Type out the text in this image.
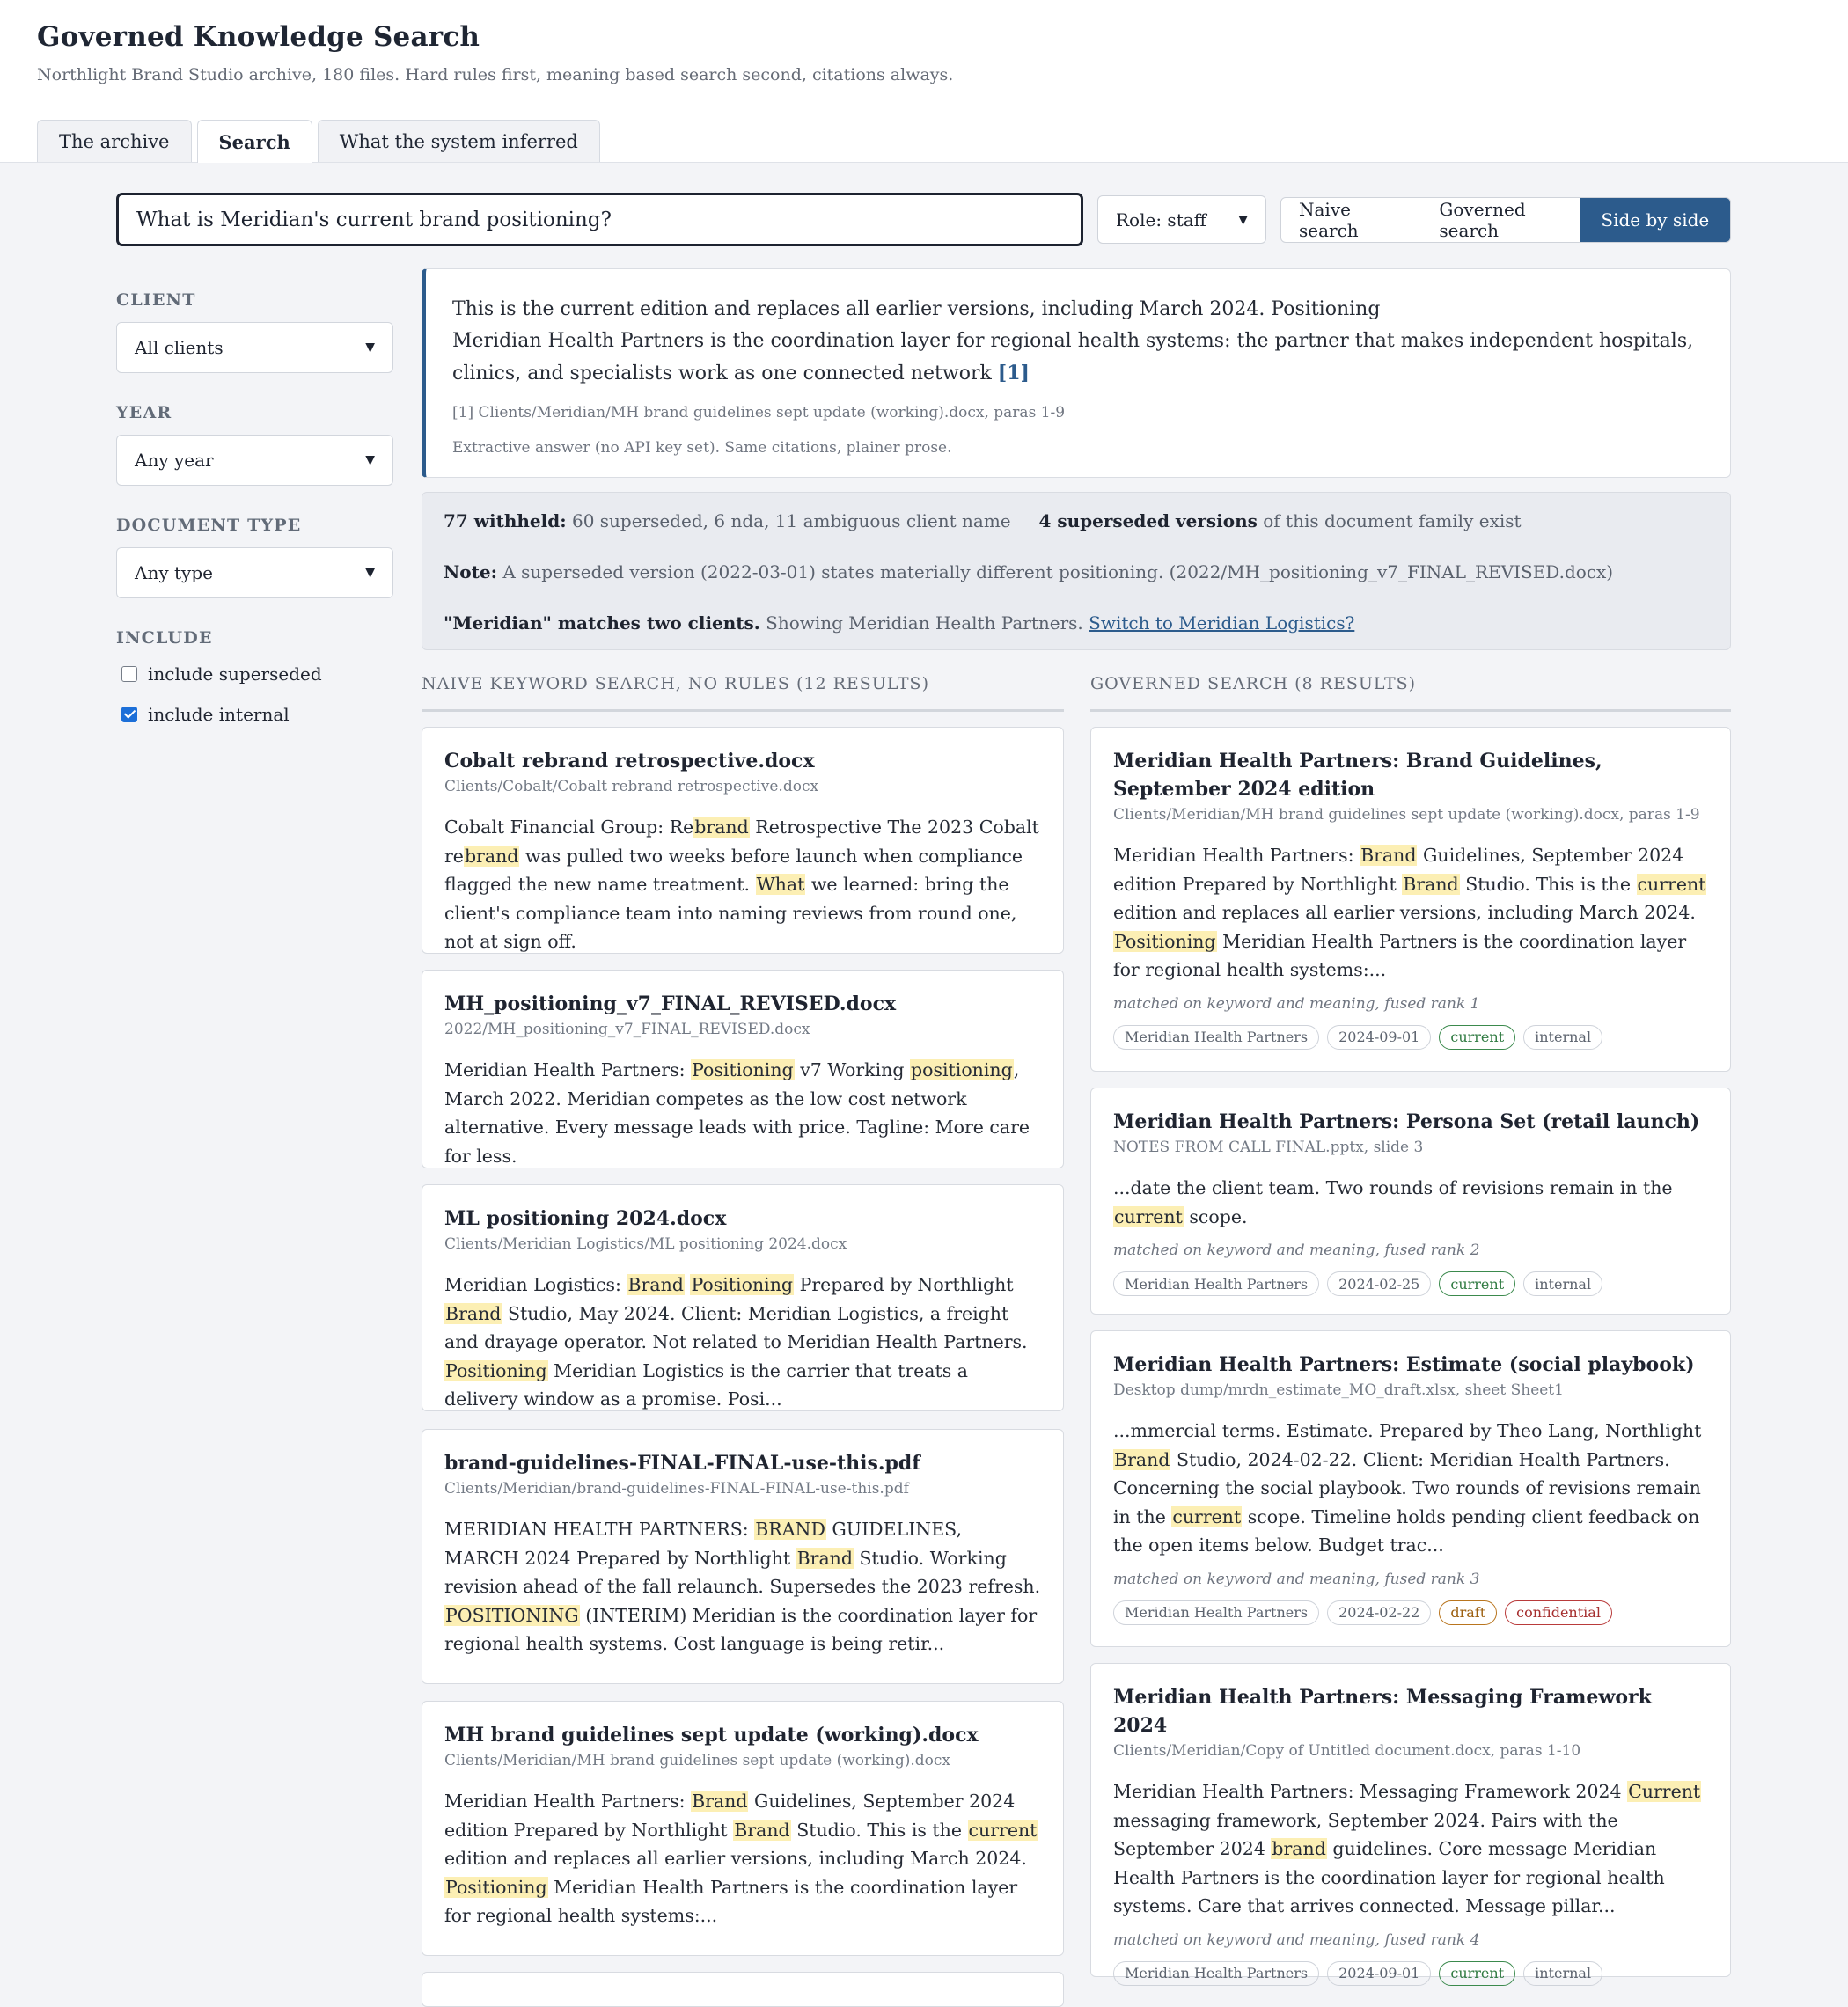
Governed Knowledge Search
Northlight Brand Studio archive, 180 files. Hard rules first, meaning based search second, citations always.
The archive	Search	What the system inferred
What is Meridian's current brand positioning?	Role: staff	▼	Naive search
Governed search	Side by side
CLIENT
All clients	▼
YEAR
Any year	▼
DOCUMENT TYPE
Any type	▼
INCLUDE
include superseded
include internal
This is the current edition and replaces all earlier versions, including March 2024. Positioning
Meridian Health Partners is the coordination layer for regional health systems: the partner that makes independent hospitals, clinics, and specialists work as one connected network [1]
[1] Clients/Meridian/MH brand guidelines sept update (working).docx, paras 1-9
Extractive answer (no API key set). Same citations, plainer prose.
77 withheld: 60 superseded, 6 nda, 11 ambiguous client name 4 superseded versions of this document family exist
Note: A superseded version (2022-03-01) states materially different positioning. (2022/MH_positioning_v7_FINAL_REVISED.docx)
"Meridian" matches two clients. Showing Meridian Health Partners. Switch to Meridian Logistics?
NAIVE KEYWORD SEARCH, NO RULES (12 RESULTS)	GOVERNED SEARCH (8 RESULTS)
Cobalt rebrand retrospective.docx
Clients/Cobalt/Cobalt rebrand retrospective.docx
Cobalt Financial Group: Rebrand Retrospective The 2023 Cobalt rebrand was pulled two weeks before launch when compliance flagged the new name treatment. What we learned: bring the client's compliance team into naming reviews from round one, not at sign off.
MH_positioning_v7_FINAL_REVISED.docx
2022/MH_positioning_v7_FINAL_REVISED.docx
Meridian Health Partners: Positioning v7 Working positioning, March 2022. Meridian competes as the low cost network alternative. Every message leads with price. Tagline: More care for less.
ML positioning 2024.docx
Clients/Meridian Logistics/ML positioning 2024.docx
Meridian Logistics: Brand Positioning Prepared by Northlight Brand Studio, May 2024. Client: Meridian Logistics, a freight and drayage operator. Not related to Meridian Health Partners. Positioning Meridian Logistics is the carrier that treats a delivery window as a promise. Posi...
brand-guidelines-FINAL-FINAL-use-this.pdf
Clients/Meridian/brand-guidelines-FINAL-FINAL-use-this.pdf
MERIDIAN HEALTH PARTNERS: BRAND GUIDELINES, MARCH 2024 Prepared by Northlight Brand Studio. Working revision ahead of the fall relaunch. Supersedes the 2023 refresh. POSITIONING (INTERIM) Meridian is the coordination layer for regional health systems. Cost language is being retir...
MH brand guidelines sept update (working).docx
Clients/Meridian/MH brand guidelines sept update (working).docx
Meridian Health Partners: Brand Guidelines, September 2024 edition Prepared by Northlight Brand Studio. This is the current edition and replaces all earlier versions, including March 2024. Positioning Meridian Health Partners is the coordination layer for regional health systems:...
Meridian Health Partners: Brand Guidelines, September 2024 edition
Clients/Meridian/MH brand guidelines sept update (working).docx, paras 1-9
Meridian Health Partners: Brand Guidelines, September 2024 edition Prepared by Northlight Brand Studio. This is the current edition and replaces all earlier versions, including March 2024. Positioning Meridian Health Partners is the coordination layer for regional health systems:...
matched on keyword and meaning, fused rank 1
Meridian Health Partners	2024-09-01	current	internal
Meridian Health Partners: Persona Set (retail launch)
NOTES FROM CALL FINAL.pptx, slide 3
...date the client team. Two rounds of revisions remain in the current scope.
matched on keyword and meaning, fused rank 2
Meridian Health Partners	2024-02-25	current	internal
Meridian Health Partners: Estimate (social playbook)
Desktop dump/mrdn_estimate_MO_draft.xlsx, sheet Sheet1
...mmercial terms. Estimate. Prepared by Theo Lang, Northlight Brand Studio, 2024-02-22. Client: Meridian Health Partners. Concerning the social playbook. Two rounds of revisions remain in the current scope. Timeline holds pending client feedback on the open items below. Budget trac...
matched on keyword and meaning, fused rank 3
Meridian Health Partners	2024-02-22	draft	confidential
Meridian Health Partners: Messaging Framework 2024
Clients/Meridian/Copy of Untitled document.docx, paras 1-10
Meridian Health Partners: Messaging Framework 2024 Current messaging framework, September 2024. Pairs with the September 2024 brand guidelines. Core message Meridian Health Partners is the coordination layer for regional health systems. Care that arrives connected. Message pillar...
matched on keyword and meaning, fused rank 4
Meridian Health Partners	2024-09-01	current	internal
